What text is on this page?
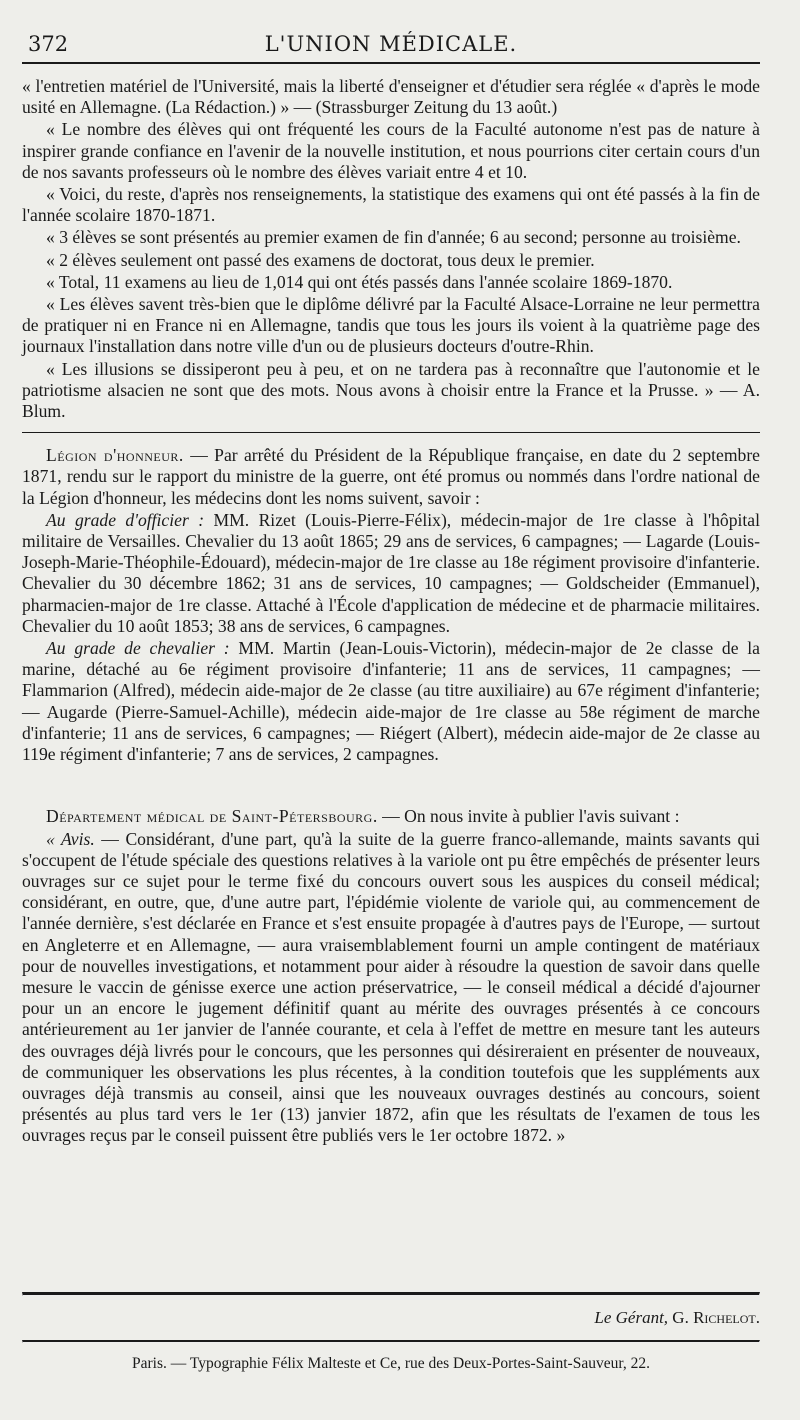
372	L'UNION MÉDICALE.

« l'entretien matériel de l'Université, mais la liberté d'enseigner et d'étudier sera réglée « d'après le mode usité en Allemagne. (La Rédaction.) » — (Strassburger Zeitung du 13 août.)

« Le nombre des élèves qui ont fréquenté les cours de la Faculté autonome n'est pas de nature à inspirer grande confiance en l'avenir de la nouvelle institution, et nous pourrions citer certain cours d'un de nos savants professeurs où le nombre des élèves variait entre 4 et 10.

« Voici, du reste, d'après nos renseignements, la statistique des examens qui ont été passés à la fin de l'année scolaire 1870-1871.

« 3 élèves se sont présentés au premier examen de fin d'année; 6 au second; personne au troisième.

« 2 élèves seulement ont passé des examens de doctorat, tous deux le premier.

« Total, 11 examens au lieu de 1,014 qui ont étés passés dans l'année scolaire 1869-1870.

« Les élèves savent très-bien que le diplôme délivré par la Faculté Alsace-Lorraine ne leur permettra de pratiquer ni en France ni en Allemagne, tandis que tous les jours ils voient à la quatrième page des journaux l'installation dans notre ville d'un ou de plusieurs docteurs d'outre-Rhin.

« Les illusions se dissiperont peu à peu, et on ne tardera pas à reconnaître que l'autonomie et le patriotisme alsacien ne sont que des mots. Nous avons à choisir entre la France et la Prusse. » — A. Blum.

Légion d'honneur. — Par arrêté du Président de la République française, en date du 2 septembre 1871, rendu sur le rapport du ministre de la guerre, ont été promus ou nommés dans l'ordre national de la Légion d'honneur, les médecins dont les noms suivent, savoir :

Au grade d'officier : MM. Rizet (Louis-Pierre-Félix), médecin-major de 1re classe à l'hôpital militaire de Versailles. Chevalier du 13 août 1865; 29 ans de services, 6 campagnes; — Lagarde (Louis-Joseph-Marie-Théophile-Édouard), médecin-major de 1re classe au 18e régiment provisoire d'infanterie. Chevalier du 30 décembre 1862; 31 ans de services, 10 campagnes; — Goldscheider (Emmanuel), pharmacien-major de 1re classe. Attaché à l'École d'application de médecine et de pharmacie militaires. Chevalier du 10 août 1853; 38 ans de services, 6 campagnes.

Au grade de chevalier : MM. Martin (Jean-Louis-Victorin), médecin-major de 2e classe de la marine, détaché au 6e régiment provisoire d'infanterie; 11 ans de services, 11 campagnes; — Flammarion (Alfred), médecin aide-major de 2e classe (au titre auxiliaire) au 67e régiment d'infanterie; — Augarde (Pierre-Samuel-Achille), médecin aide-major de 1re classe au 58e régiment de marche d'infanterie; 11 ans de services, 6 campagnes; — Riégert (Albert), médecin aide-major de 2e classe au 119e régiment d'infanterie; 7 ans de services, 2 campagnes.

Département médical de Saint-Pétersbourg. — On nous invite à publier l'avis suivant :

« Avis. — Considérant, d'une part, qu'à la suite de la guerre franco-allemande, maints savants qui s'occupent de l'étude spéciale des questions relatives à la variole ont pu être empêchés de présenter leurs ouvrages sur ce sujet pour le terme fixé du concours ouvert sous les auspices du conseil médical; considérant, en outre, que, d'une autre part, l'épidémie violente de variole qui, au commencement de l'année dernière, s'est déclarée en France et s'est ensuite propagée à d'autres pays de l'Europe, — surtout en Angleterre et en Allemagne, — aura vraisemblablement fourni un ample contingent de matériaux pour de nouvelles investigations, et notamment pour aider à résoudre la question de savoir dans quelle mesure le vaccin de génisse exerce une action préservatrice, — le conseil médical a décidé d'ajourner pour un an encore le jugement définitif quant au mérite des ouvrages présentés à ce concours antérieurement au 1er janvier de l'année courante, et cela à l'effet de mettre en mesure tant les auteurs des ouvrages déjà livrés pour le concours, que les personnes qui désireraient en présenter de nouveaux, de communiquer les observations les plus récentes, à la condition toutefois que les suppléments aux ouvrages déjà transmis au conseil, ainsi que les nouveaux ouvrages destinés au concours, soient présentés au plus tard vers le 1er (13) janvier 1872, afin que les résultats de l'examen de tous les ouvrages reçus par le conseil puissent être publiés vers le 1er octobre 1872. »

Le Gérant, G. Richelot.
Paris. — Typographie Félix Malteste et Ce, rue des Deux-Portes-Saint-Sauveur, 22.
